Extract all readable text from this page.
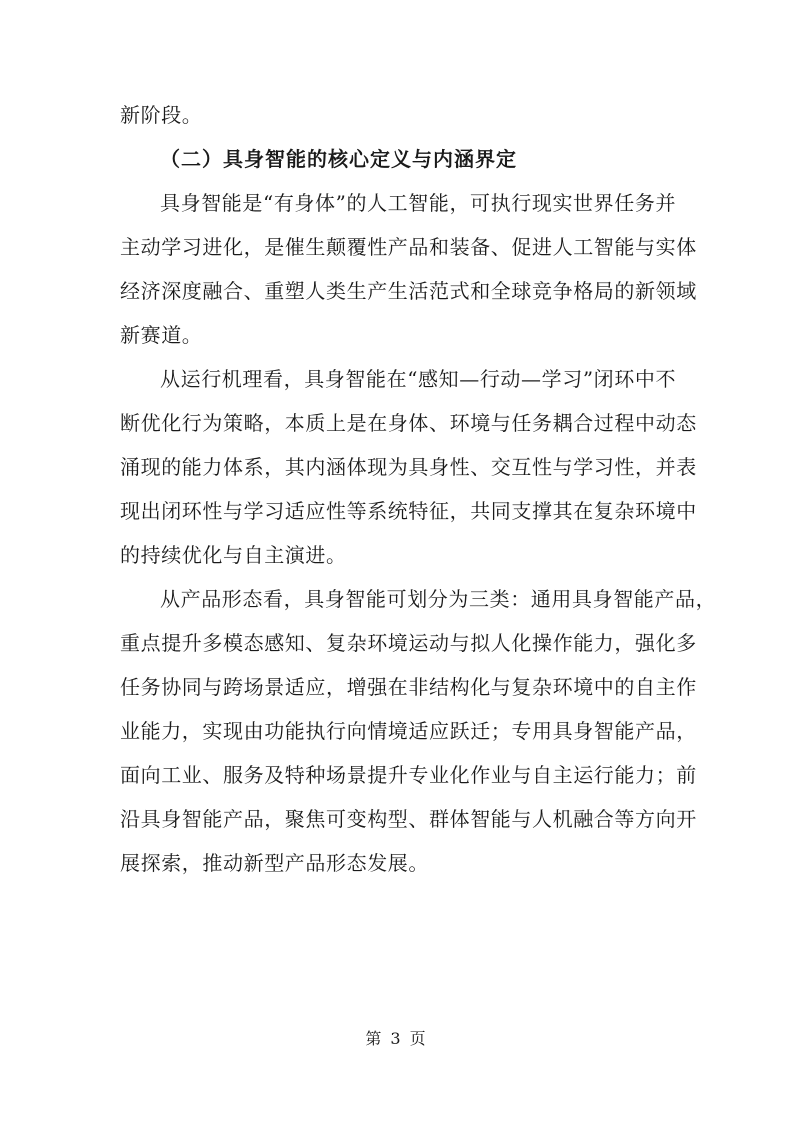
新阶段。
（二）具身智能的核心定义与内涵界定
具身智能是“有身体”的人工智能，可执行现实世界任务并
主动学习进化，是催生颠覆性产品和装备、促进人工智能与实体
经济深度融合、重塑人类生产生活范式和全球竞争格局的新领域
新赛道。
从运行机理看，具身智能在“感知—行动—学习”闭环中不
断优化行为策略，本质上是在身体、环境与任务耦合过程中动态
涌现的能力体系，其内涵体现为具身性、交互性与学习性，并表
现出闭环性与学习适应性等系统特征，共同支撑其在复杂环境中
的持续优化与自主演进。
从产品形态看，具身智能可划分为三类：通用具身智能产品，
重点提升多模态感知、复杂环境运动与拟人化操作能力，强化多
任务协同与跨场景适应，增强在非结构化与复杂环境中的自主作
业能力，实现由功能执行向情境适应跃迁；专用具身智能产品，
面向工业、服务及特种场景提升专业化作业与自主运行能力；前
沿具身智能产品，聚焦可变构型、群体智能与人机融合等方向开
展探索，推动新型产品形态发展。
第 3 页
